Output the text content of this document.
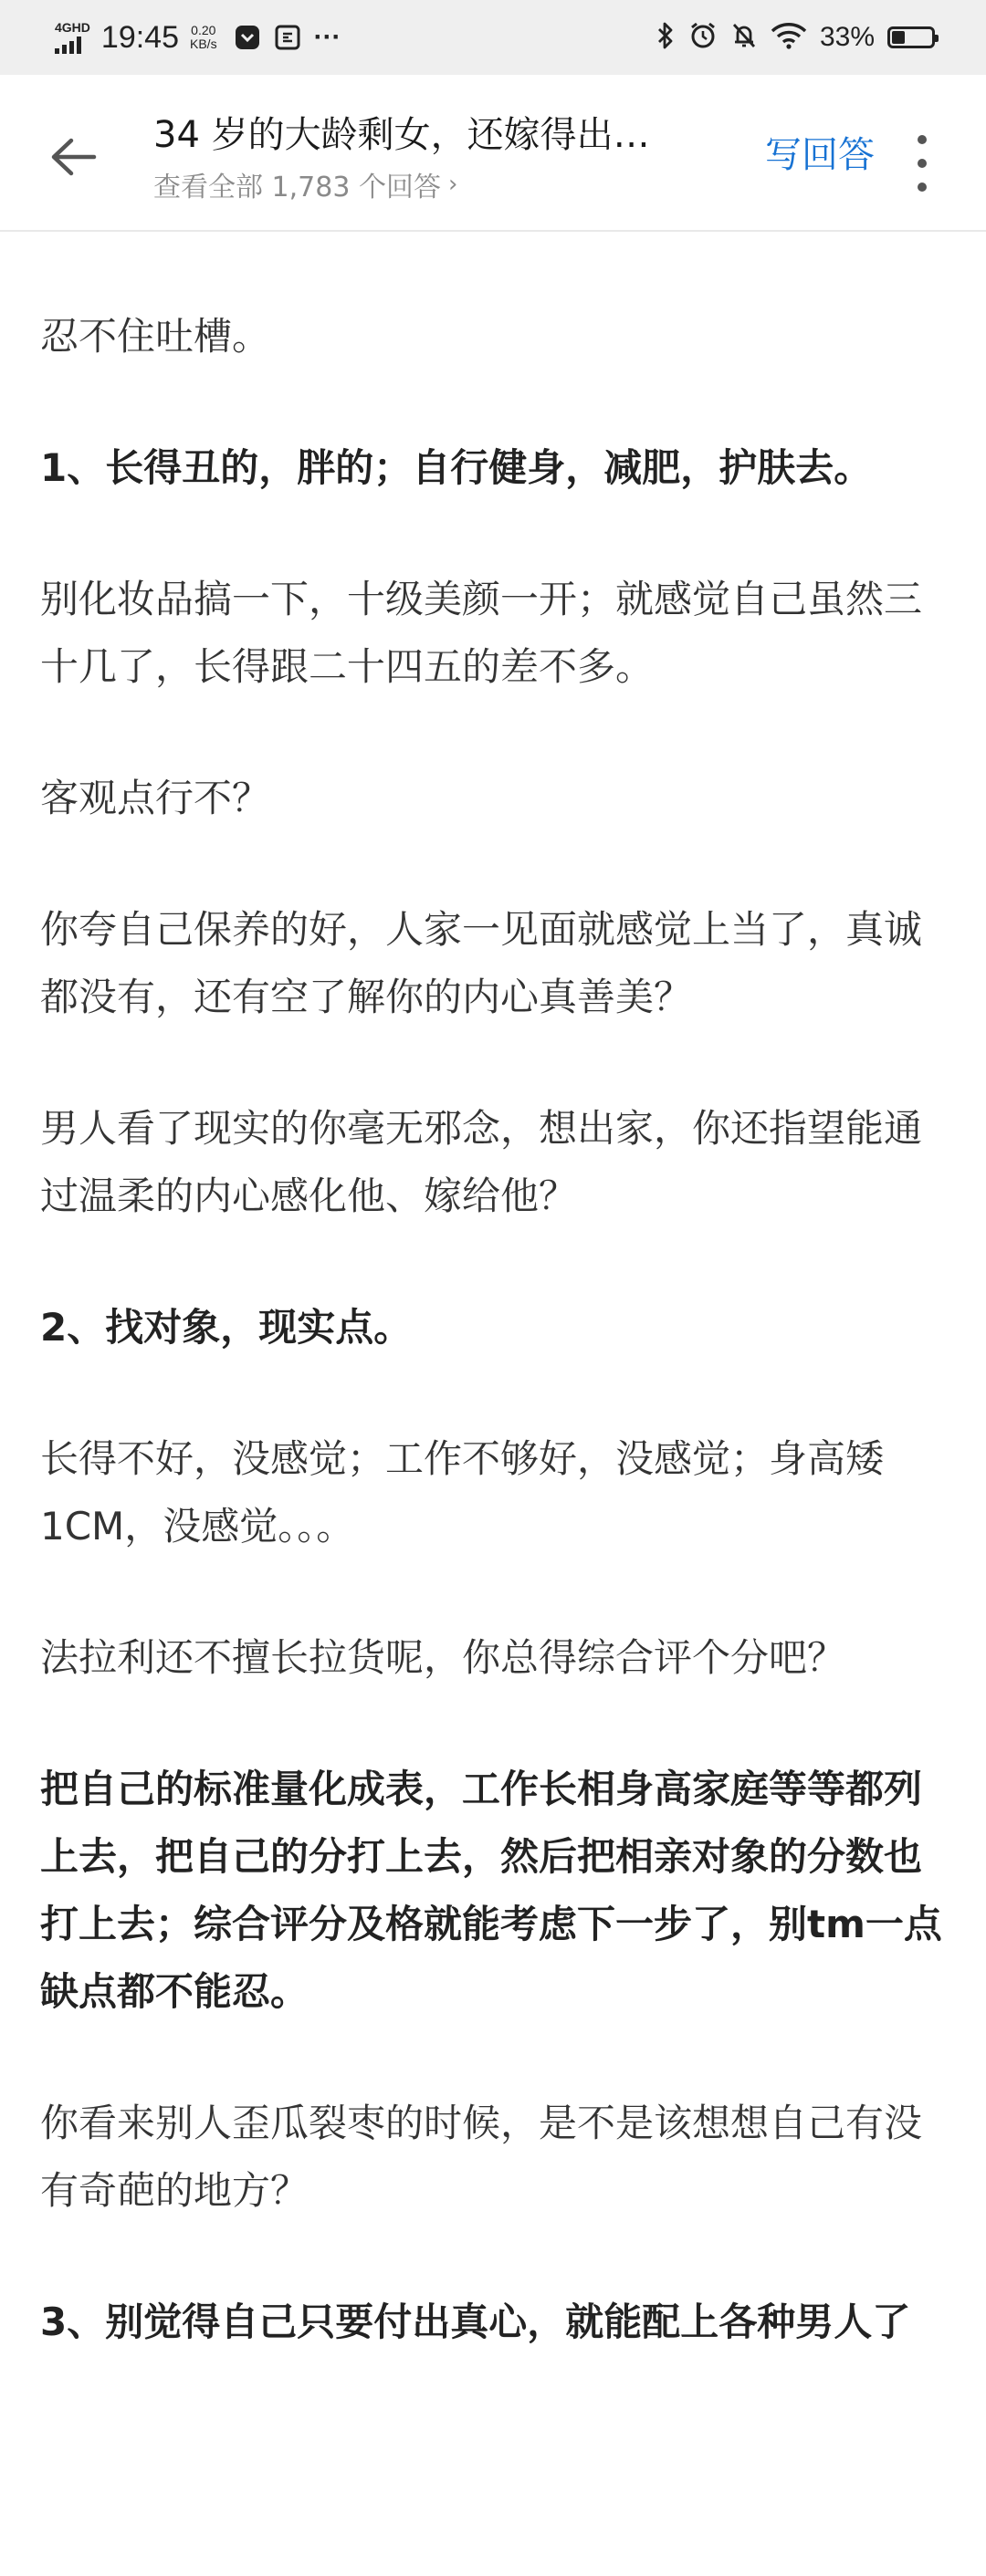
4GHD 19:45 0.20
KB/s	···	33%
34 岁的大龄剩女，还嫁得出…
查看全部 1,783 个回答 ›
写回答

忍不住吐槽。

1、长得丑的，胖的；自行健身，减肥，护肤去。

别化妆品搞一下，十级美颜一开；就感觉自己虽然三十几了，长得跟二十四五的差不多。

客观点行不？

你夸自己保养的好，人家一见面就感觉上当了，真诚都没有，还有空了解你的内心真善美？

男人看了现实的你毫无邪念，想出家，你还指望能通过温柔的内心感化他、嫁给他？

2、找对象，现实点。

长得不好，没感觉；工作不够好，没感觉；身高矮1CM，没感觉。。。

法拉利还不擅长拉货呢，你总得综合评个分吧？

把自己的标准量化成表，工作长相身高家庭等等都列上去，把自己的分打上去，然后把相亲对象的分数也打上去；综合评分及格就能考虑下一步了，别tm一点缺点都不能忍。

你看来别人歪瓜裂枣的时候，是不是该想想自己有没有奇葩的地方？

3、别觉得自己只要付出真心，就能配上各种男人了
